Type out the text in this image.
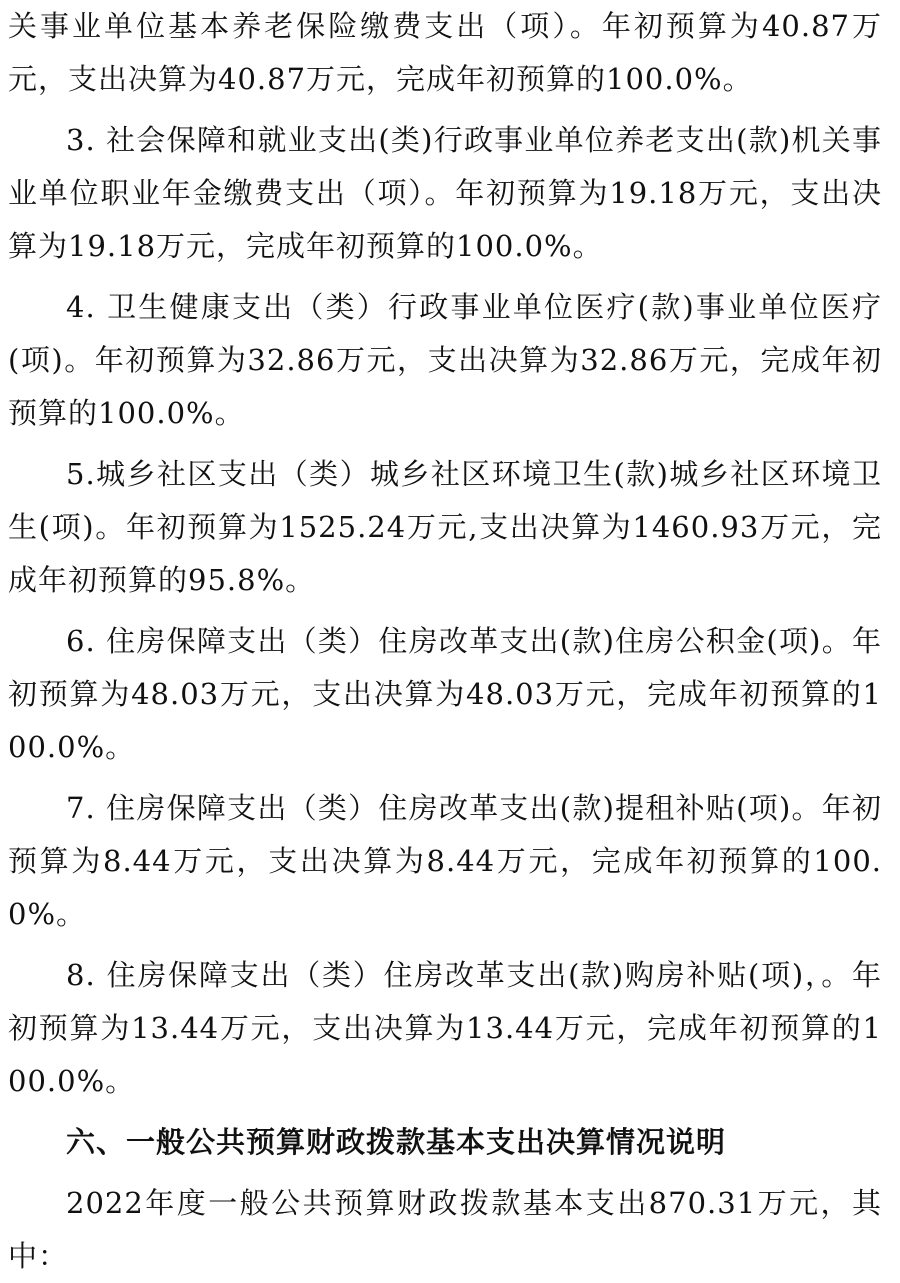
关事业单位基本养老保险缴费支出（项）。年初预算为40.87万元，支出决算为40.87万元，完成年初预算的100.0%。

3. 社会保障和就业支出(类)行政事业单位养老支出(款)机关事业单位职业年金缴费支出（项）。年初预算为19.18万元，支出决算为19.18万元，完成年初预算的100.0%。

4. 卫生健康支出（类）行政事业单位医疗(款)事业单位医疗(项)。年初预算为32.86万元，支出决算为32.86万元，完成年初预算的100.0%。

5.城乡社区支出（类）城乡社区环境卫生(款)城乡社区环境卫生(项)。年初预算为1525.24万元,支出决算为1460.93万元，完成年初预算的95.8%。

6. 住房保障支出（类）住房改革支出(款)住房公积金(项)。年初预算为48.03万元，支出决算为48.03万元，完成年初预算的100.0%。

7. 住房保障支出（类）住房改革支出(款)提租补贴(项)。年初预算为8.44万元，支出决算为8.44万元，完成年初预算的100.0%。

8. 住房保障支出（类）住房改革支出(款)购房补贴(项)，。年初预算为13.44万元，支出决算为13.44万元，完成年初预算的100.0%。

六、一般公共预算财政拨款基本支出决算情况说明

2022年度一般公共预算财政拨款基本支出870.31万元，其中：
